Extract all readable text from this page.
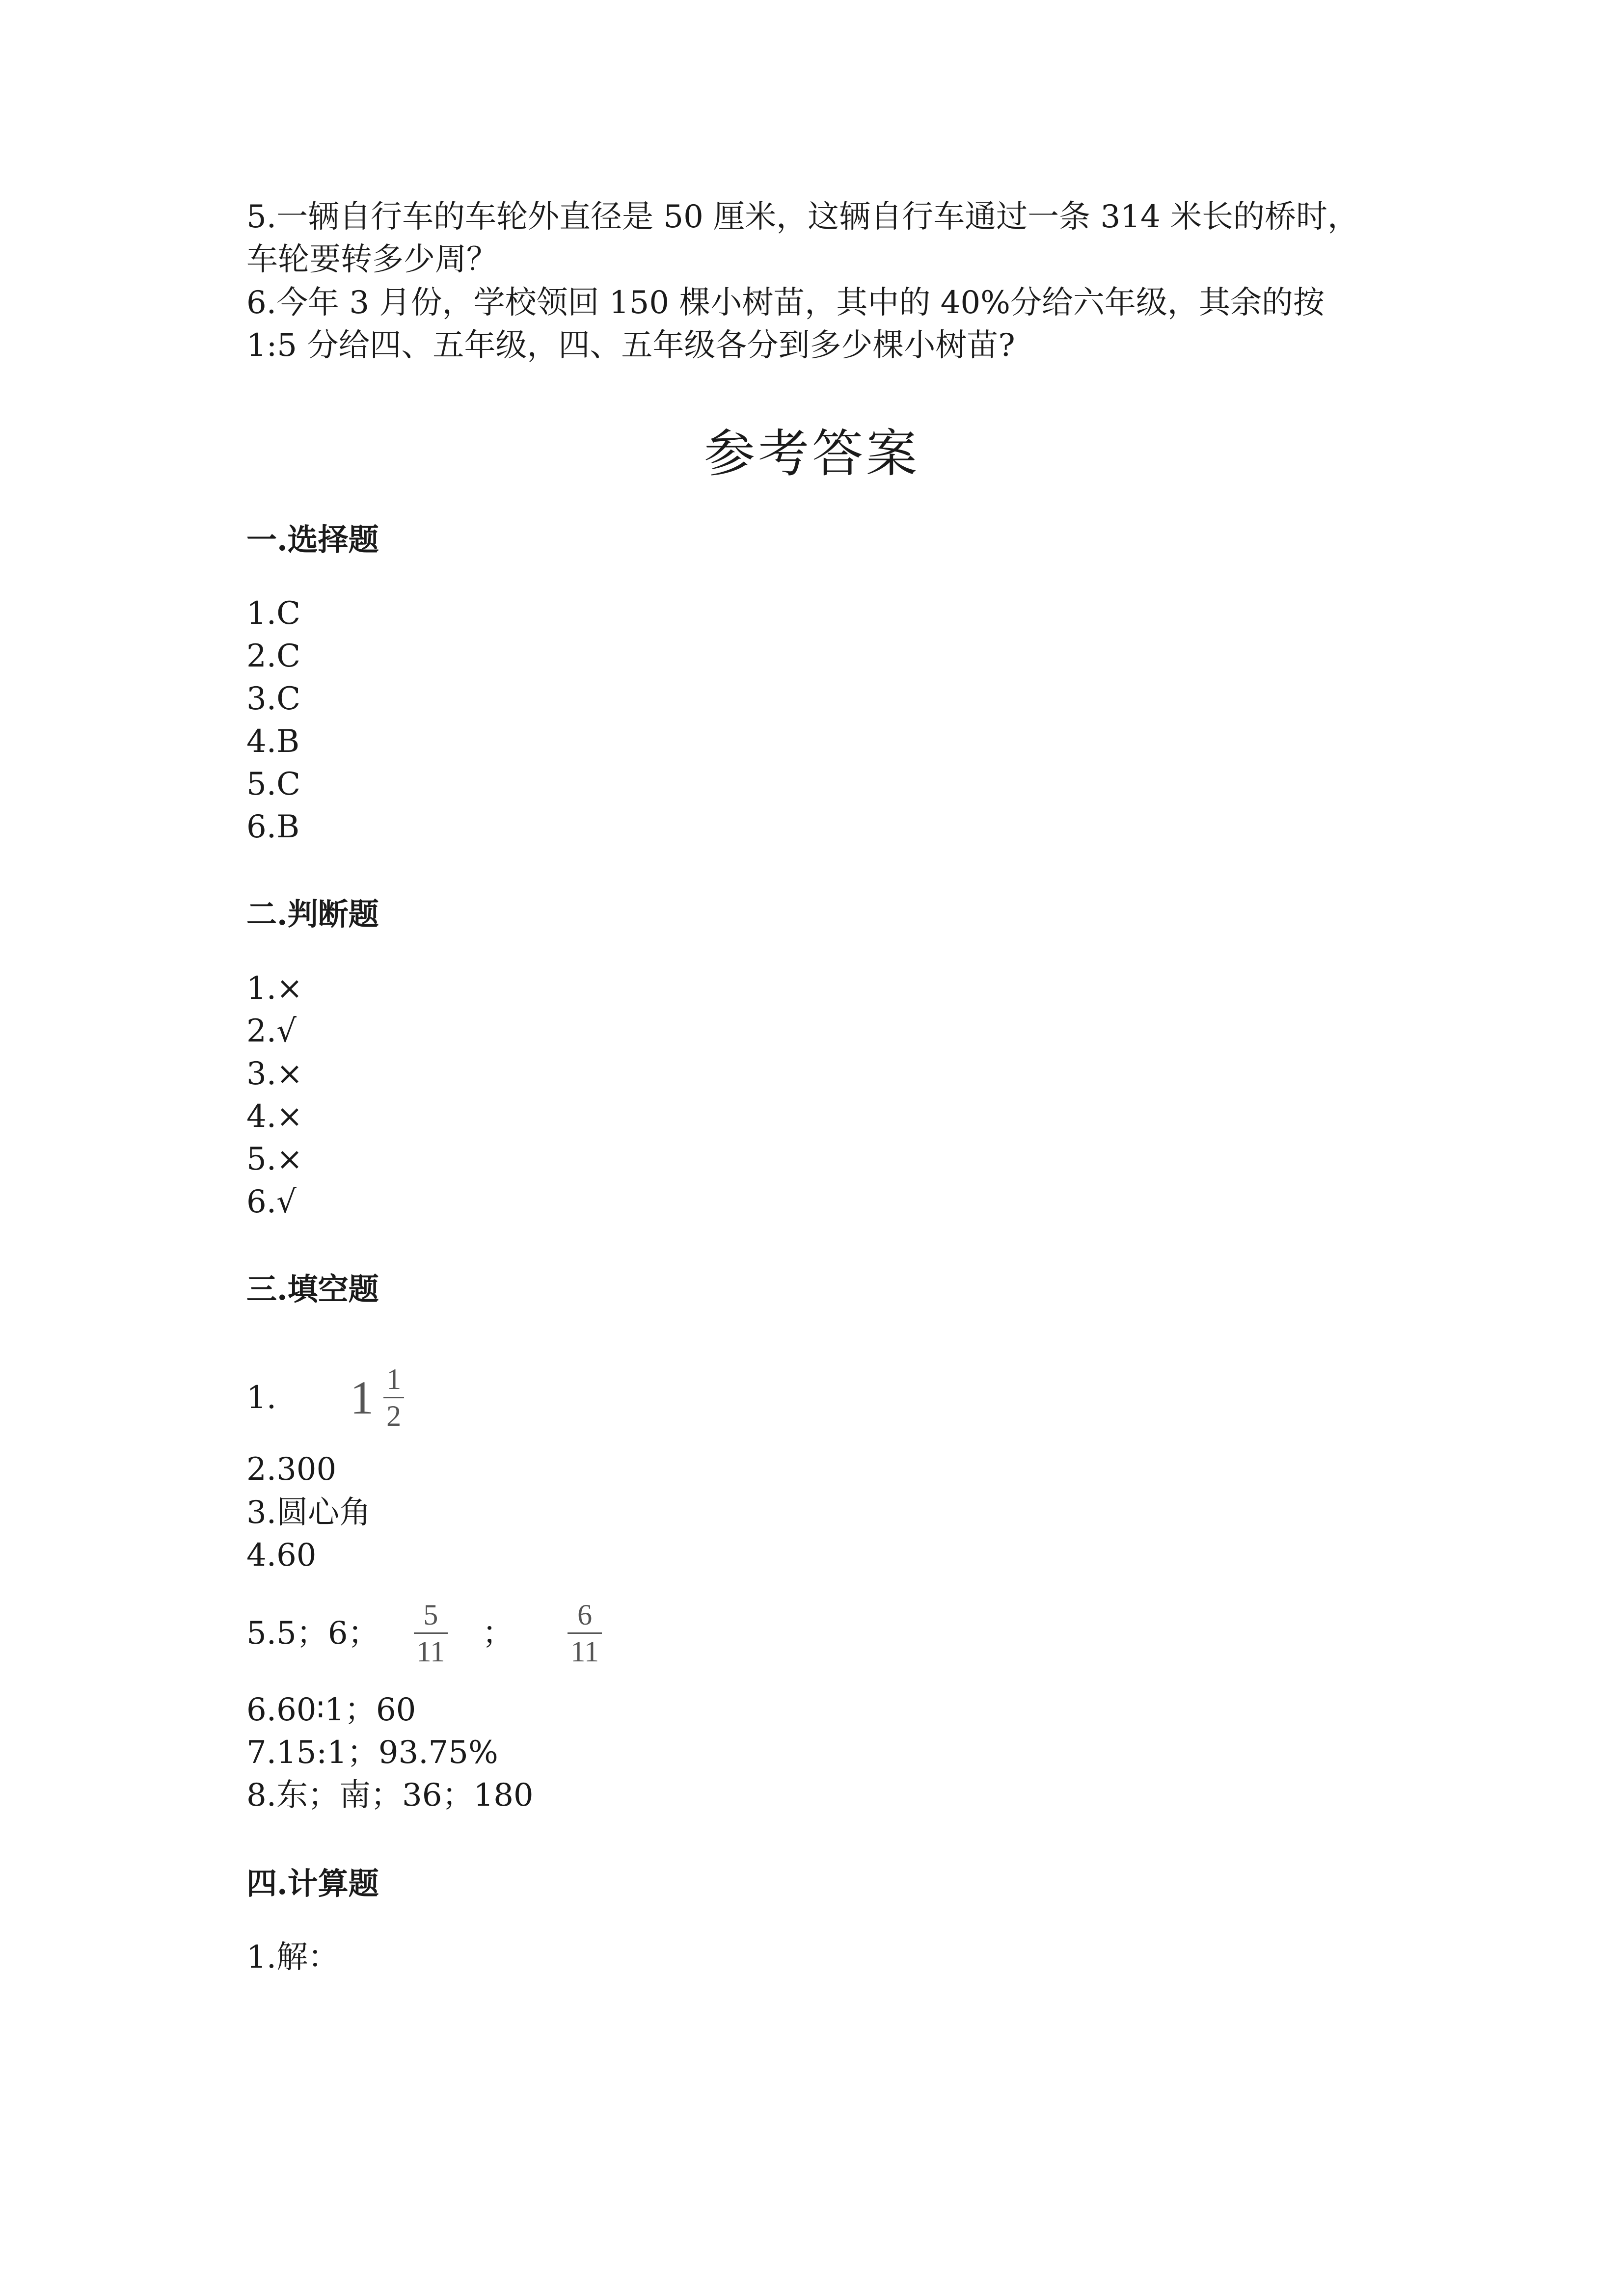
5.一辆自行车的车轮外直径是 50 厘米，这辆自行车通过一条 314 米长的桥时，
车轮要转多少周？
6.今年 3 月份，学校领回 150 棵小树苗，其中的 40%分给六年级，其余的按
1:5 分给四、五年级，四、五年级各分到多少棵小树苗?
参考答案
一.选择题
1.C
2.C
3.C
4.B
5.C
6.B
二.判断题
1.×
2.√
3.×
4.×
5.×
6.√
三.填空题
1. $1 \frac{1}{2}$
2.300
3.圆心角
4.60
5.5；6； $\frac{5}{11}$ ； $\frac{6}{11}$
6.60∶1；60
7.15:1；93.75%
8.东；南；36；180
四.计算题
1.解：
